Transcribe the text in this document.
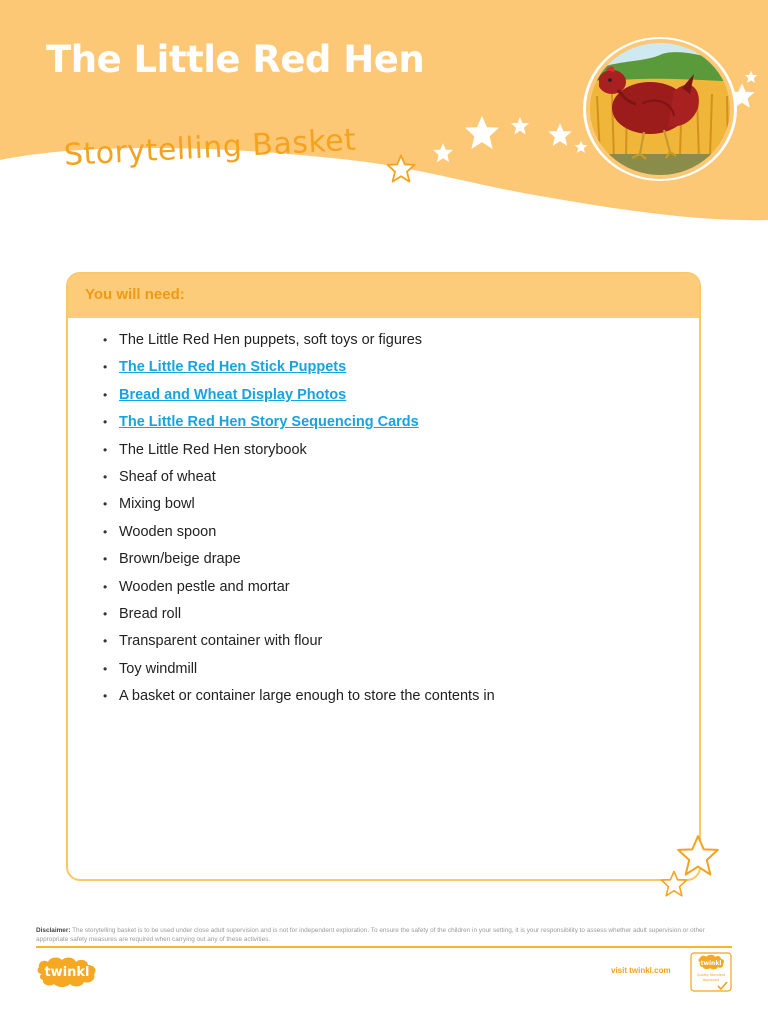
The Little Red Hen
Storytelling Basket
You will need:
• The Little Red Hen puppets, soft toys or figures
• The Little Red Hen Stick Puppets
• Bread and Wheat Display Photos
• The Little Red Hen Story Sequencing Cards
• The Little Red Hen storybook
• Sheaf of wheat
• Mixing bowl
• Wooden spoon
• Brown/beige drape
• Wooden pestle and mortar
• Bread roll
• Transparent container with flour
• Toy windmill
• A basket or container large enough to store the contents in
Disclaimer: The storytelling basket is to be used under close adult supervision and is not for independent exploration. To ensure the safety of the children in your setting, it is your responsibility to assess whether adult supervision or other appropriate safety measures are required when carrying out any of these activities.
twinkl	visit twinkl.com
twinkl
Quality Standard
Approved
